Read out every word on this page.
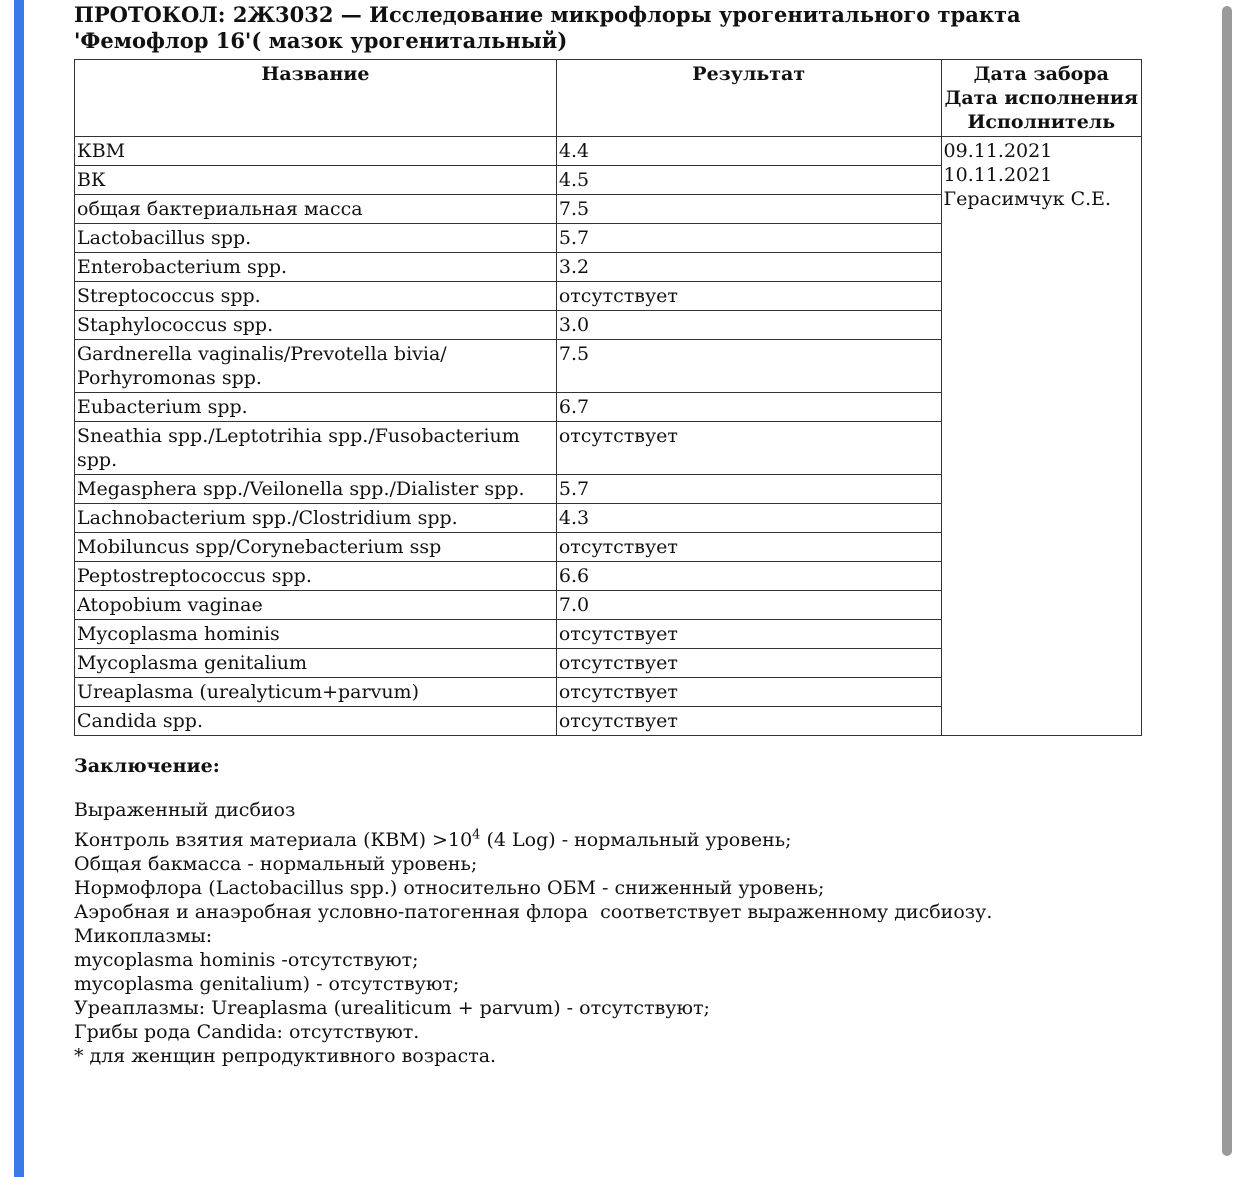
ПРОТОКОЛ: 2Ж3032 — Исследование микрофлоры урогенитального тракта
'Фемофлор 16'( мазок урогенитальный)
Название	Результат	Дата забора
Дата исполнения
Исполнитель

КВМ	4.4	09.11.2021
10.11.2021
Герасимчук С.Е.

ВК	4.5	
общая бактериальная масса	7.5	
Lactobacillus spp.	5.7	
Enterobacterium spp.	3.2	
Streptococcus spp.	отсутствует	
Staphylococcus spp.	3.0	

Gardnerella vaginalis/Prevotella bivia/
Porhyromonas spp.	7.5	
Eubacterium spp.	6.7	
Sneathia spp./Leptotrihia spp./Fusobacterium spp.	отсутствует	
Megasphera spp./Veilonella spp./Dialister spp.	5.7	
Lachnobacterium spp./Clostridium spp.	4.3	
Mobiluncus spp/Corynebacterium ssp	отсутствует	
Peptostreptococcus spp.	6.6	
Atopobium vaginae	7.0	
Mycoplasma hominis	отсутствует	
Mycoplasma genitalium	отсутствует	
Ureaplasma (urealyticum+parvum)	отсутствует	
Candida spp.	отсутствует	
Заключение:
Выраженный дисбиоз
Контроль взятия материала $(КВМ) >10^4$ (4 Log) - нормальный уровень;
Общая бакмасса - нормальный уровень;
Нормофлора (Lactobacillus spp.) относительно ОБМ - сниженный уровень;
Аэробная и анаэробная условно-патогенная флора  соответствует выраженному дисбиозу.
Микоплазмы:
mycoplasma hominis -отсутствуют;
mycoplasma genitalium) - отсутствуют;
Уреаплазмы: Ureaplasma (urealiticum + parvum) - отсутствуют;
Грибы рода Candida: отсутствуют.
* для женщин репродуктивного возраста.
